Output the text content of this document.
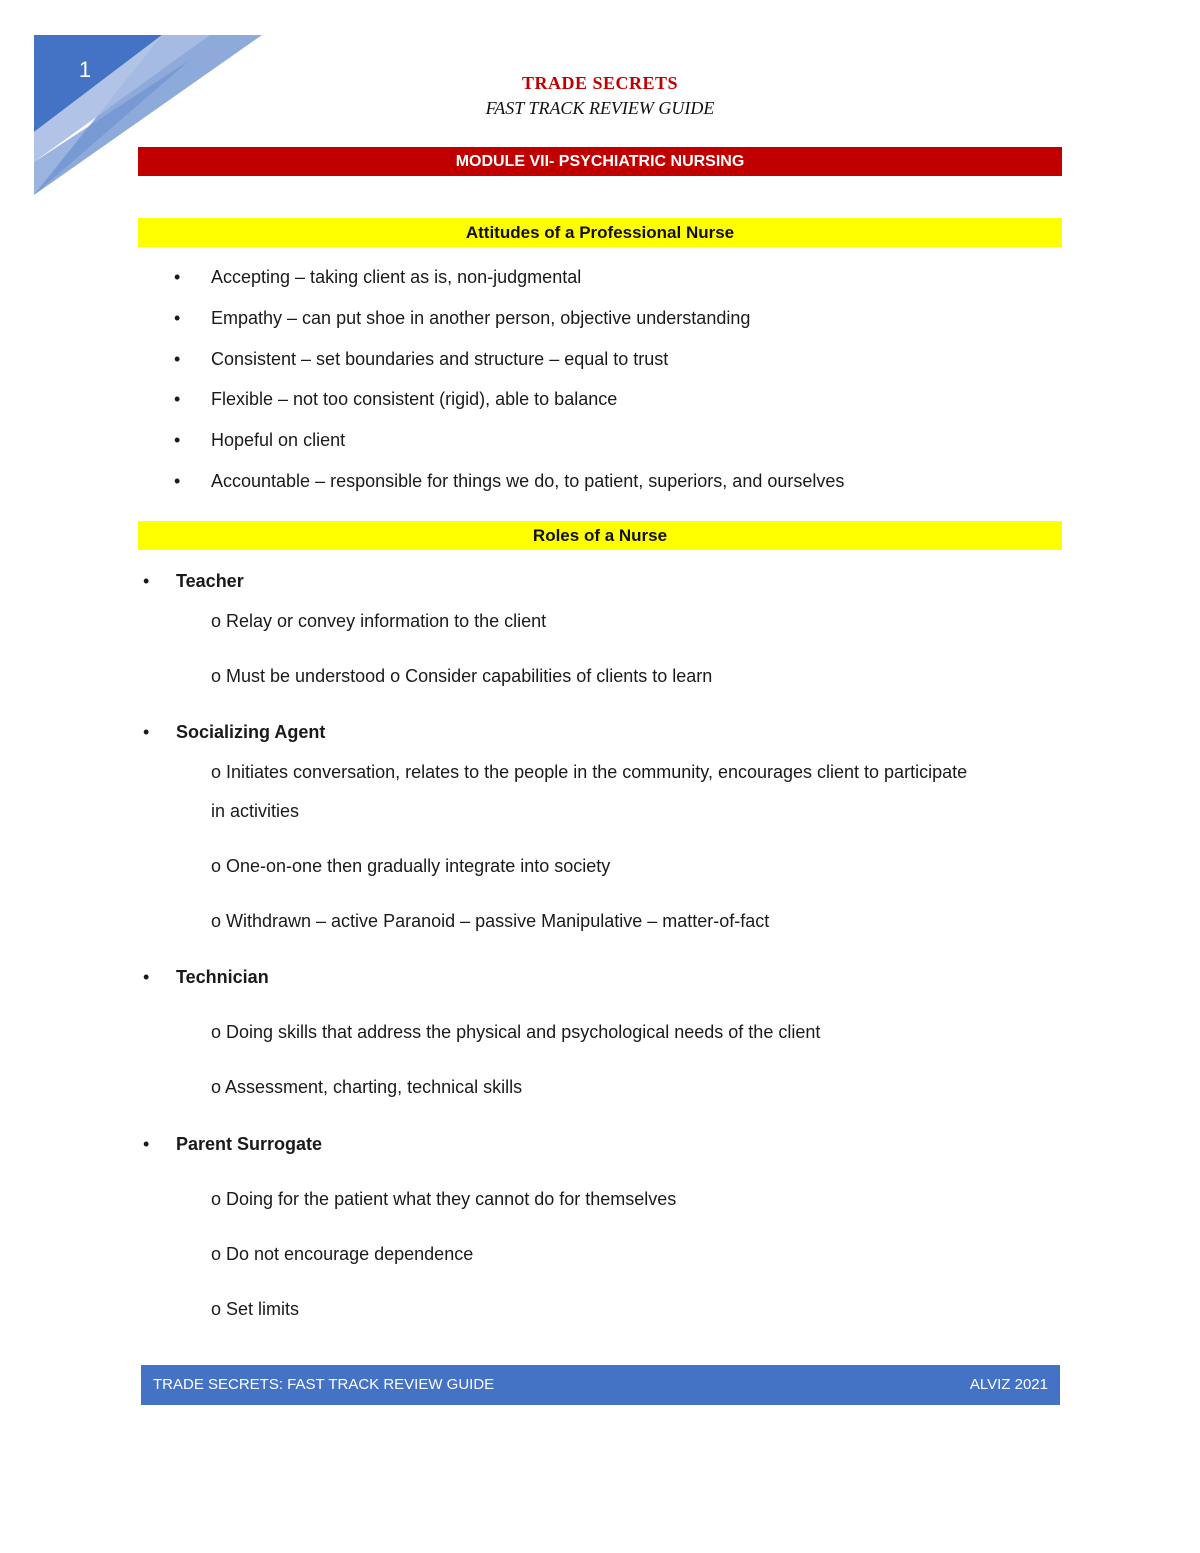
1
TRADE SECRETS
FAST TRACK REVIEW GUIDE
MODULE VII- PSYCHIATRIC NURSING
Attitudes of a Professional Nurse
• Accepting – taking client as is, non-judgmental
• Empathy – can put shoe in another person, objective understanding
• Consistent – set boundaries and structure – equal to trust
• Flexible – not too consistent (rigid), able to balance
• Hopeful on client
• Accountable – responsible for things we do, to patient, superiors, and ourselves
Roles of a Nurse
• Teacher
o Relay or convey information to the client
o Must be understood o Consider capabilities of clients to learn
• Socializing Agent
o Initiates conversation, relates to the people in the community, encourages client to participate
in activities
o One-on-one then gradually integrate into society
o Withdrawn – active Paranoid – passive Manipulative – matter-of-fact
• Technician
o Doing skills that address the physical and psychological needs of the client
o Assessment, charting, technical skills
• Parent Surrogate
o Doing for the patient what they cannot do for themselves
o Do not encourage dependence
o Set limits
TRADE SECRETS: FAST TRACK REVIEW GUIDE	ALVIZ 2021
